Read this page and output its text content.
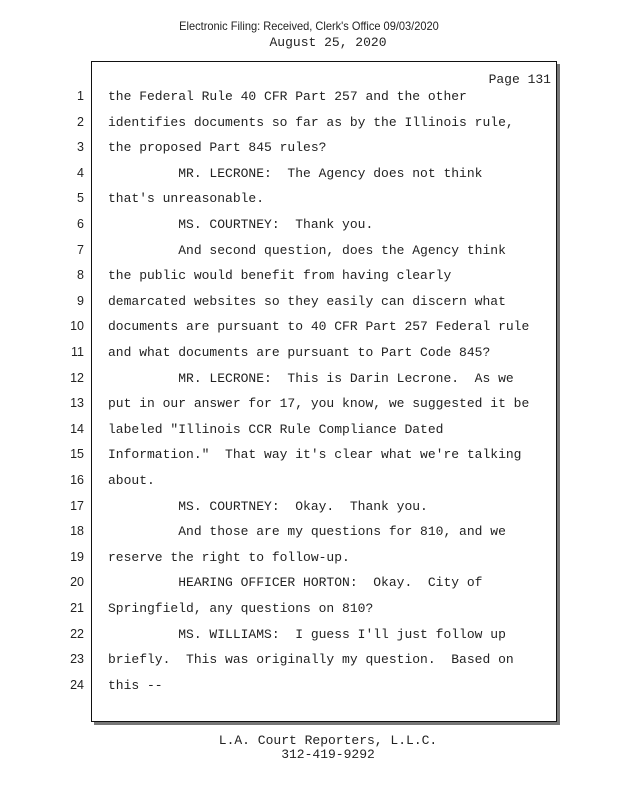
Electronic Filing: Received, Clerk's Office 09/03/2020
August 25, 2020
Page 131
1 the Federal Rule 40 CFR Part 257 and the other
2 identifies documents so far as by the Illinois rule,
3 the proposed Part 845 rules?
4 MR. LECRONE:  The Agency does not think
5 that's unreasonable.
6 MS. COURTNEY:  Thank you.
7 And second question, does the Agency think
8 the public would benefit from having clearly
9 demarcated websites so they easily can discern what
10 documents are pursuant to 40 CFR Part 257 Federal rule
11 and what documents are pursuant to Part Code 845?
12 MR. LECRONE:  This is Darin Lecrone.  As we
13 put in our answer for 17, you know, we suggested it be
14 labeled "Illinois CCR Rule Compliance Dated
15 Information."  That way it's clear what we're talking
16 about.
17 MS. COURTNEY:  Okay.  Thank you.
18 And those are my questions for 810, and we
19 reserve the right to follow-up.
20 HEARING OFFICER HORTON:  Okay.  City of
21 Springfield, any questions on 810?
22 MS. WILLIAMS:  I guess I'll just follow up
23 briefly.  This was originally my question.  Based on
24 this --
L.A. Court Reporters, L.L.C.
312-419-9292
